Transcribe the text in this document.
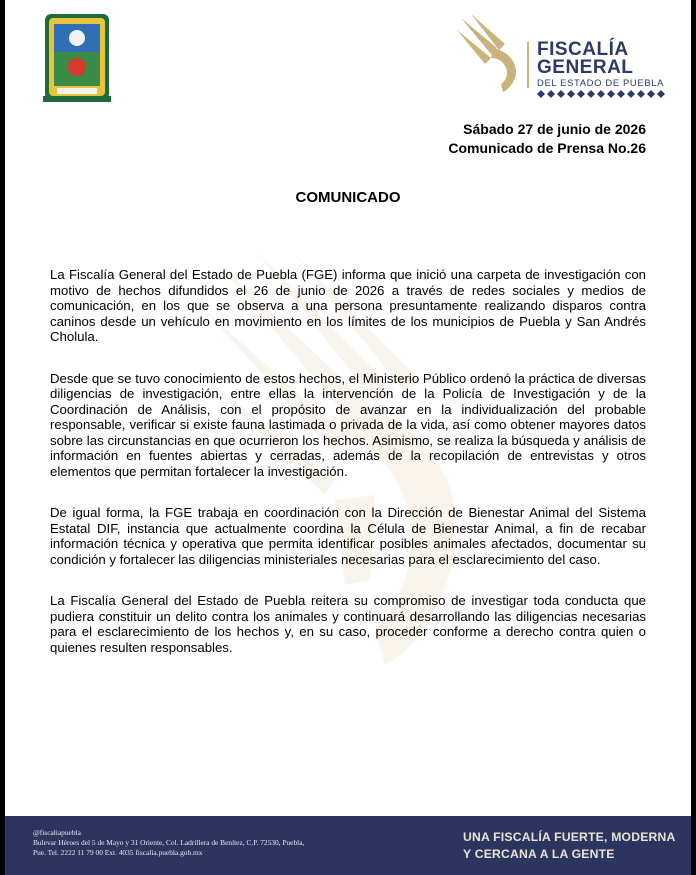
FISCALÍA
GENERAL
DEL ESTADO DE PUEBLA
Sábado 27 de junio de 2026
Comunicado de Prensa No.26
COMUNICADO

La Fiscalía General del Estado de Puebla (FGE) informa que inició una carpeta de investigación con motivo de hechos difundidos el 26 de junio de 2026 a través de redes sociales y medios de comunicación, en los que se observa a una persona presuntamente realizando disparos contra caninos desde un vehículo en movimiento en los límites de los municipios de Puebla y San Andrés Cholula.

Desde que se tuvo conocimiento de estos hechos, el Ministerio Público ordenó la práctica de diversas diligencias de investigación, entre ellas la intervención de la Policía de Investigación y de la Coordinación de Análisis, con el propósito de avanzar en la individualización del probable responsable, verificar si existe fauna lastimada o privada de la vida, así como obtener mayores datos sobre las circunstancias en que ocurrieron los hechos. Asimismo, se realiza la búsqueda y análisis de información en fuentes abiertas y cerradas, además de la recopilación de entrevistas y otros elementos que permitan fortalecer la investigación.

De igual forma, la FGE trabaja en coordinación con la Dirección de Bienestar Animal del Sistema Estatal DIF, instancia que actualmente coordina la Célula de Bienestar Animal, a fin de recabar información técnica y operativa que permita identificar posibles animales afectados, documentar su condición y fortalecer las diligencias ministeriales necesarias para el esclarecimiento del caso.

La Fiscalía General del Estado de Puebla reitera su compromiso de investigar toda conducta que pudiera constituir un delito contra los animales y continuará desarrollando las diligencias necesarias para el esclarecimiento de los hechos y, en su caso, proceder conforme a derecho contra quien o quienes resulten responsables.

@fiscaliapuebla
Bulevar Héroes del 5 de Mayo y 31 Oriente, Col. Ladrillera de Benítez, C.P. 72530, Puebla,
Pue. Tel. 2222 11 79 00 Ext. 4035 fiscalia.puebla.gob.mx
UNA FISCALÍA FUERTE, MODERNA
Y CERCANA A LA GENTE
